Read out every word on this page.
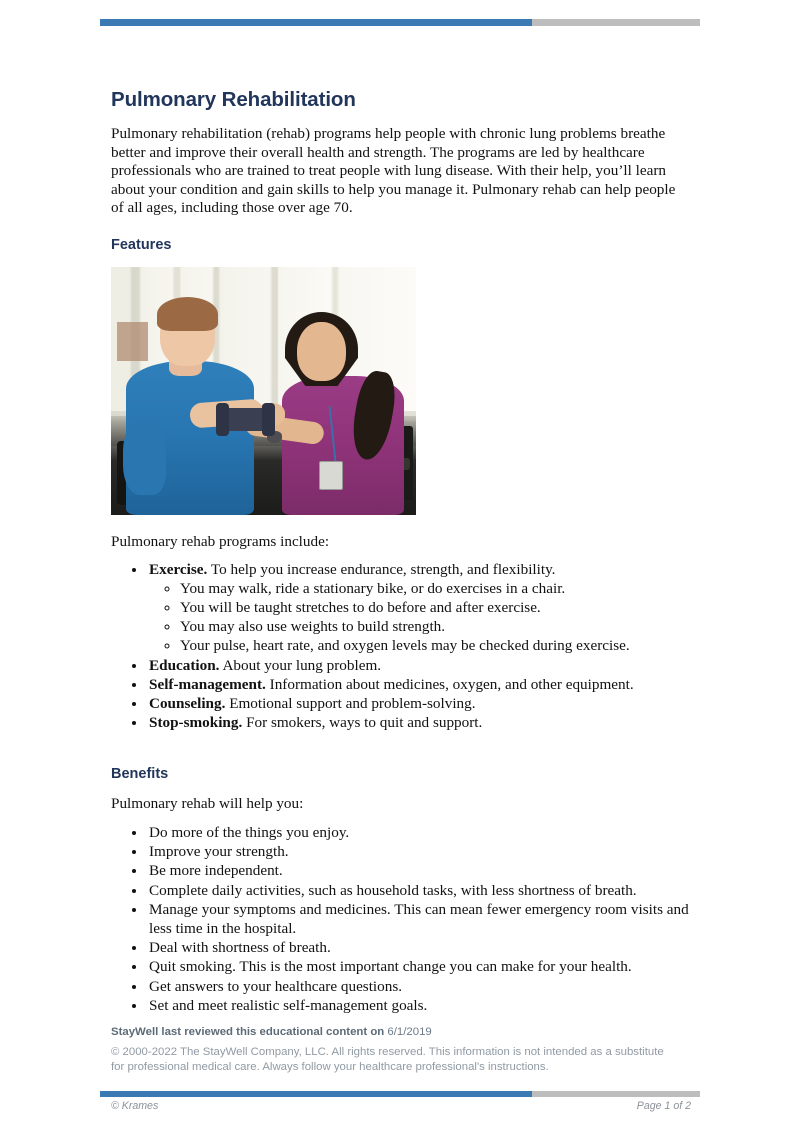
Pulmonary Rehabilitation

Pulmonary rehabilitation (rehab) programs help people with chronic lung problems breathe better and improve their overall health and strength. The programs are led by healthcare professionals who are trained to treat people with lung disease. With their help, you’ll learn about your condition and gain skills to help you manage it. Pulmonary rehab can help people of all ages, including those over age 70.

Features

Pulmonary rehab programs include:

• Exercise. To help you increase endurance, strength, and flexibility.
◦ You may walk, ride a stationary bike, or do exercises in a chair.
◦ You will be taught stretches to do before and after exercise.
◦ You may also use weights to build strength.
◦ Your pulse, heart rate, and oxygen levels may be checked during exercise.
• Education. About your lung problem.
• Self-management. Information about medicines, oxygen, and other equipment.
• Counseling. Emotional support and problem-solving.
• Stop-smoking. For smokers, ways to quit and support.
Benefits

Pulmonary rehab will help you:

• Do more of the things you enjoy.
• Improve your strength.
• Be more independent.
• Complete daily activities, such as household tasks, with less shortness of breath.
• Manage your symptoms and medicines. This can mean fewer emergency room visits and less time in the hospital.
• Deal with shortness of breath.
• Quit smoking. This is the most important change you can make for your health.
• Get answers to your healthcare questions.
• Set and meet realistic self-management goals.

StayWell last reviewed this educational content on 6/1/2019

© 2000-2022 The StayWell Company, LLC. All rights reserved. This information is not intended as a substitute for professional medical care. Always follow your healthcare professional's instructions.

© Krames	Page 1 of 2
